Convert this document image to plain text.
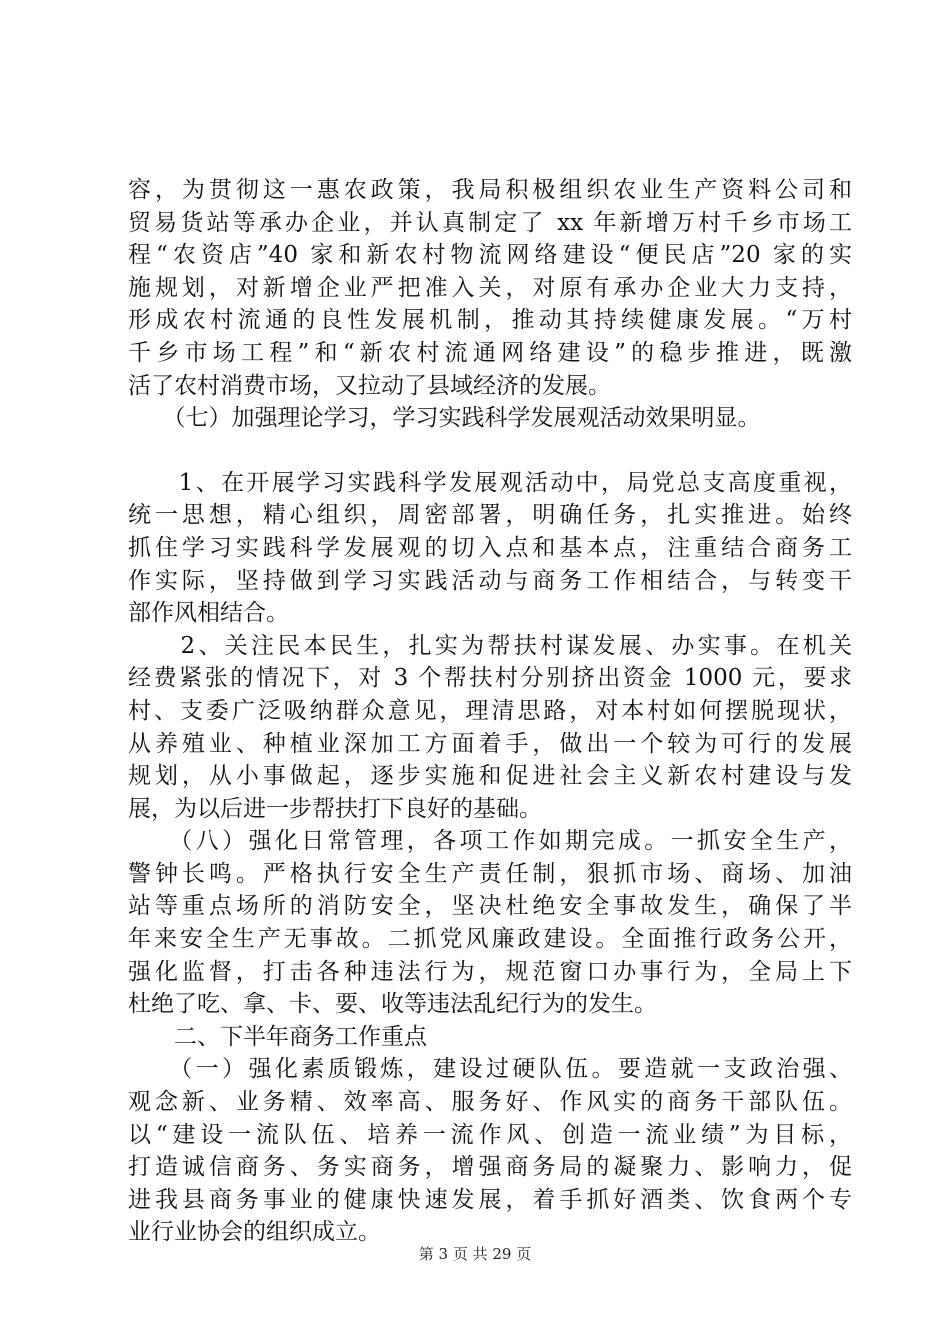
容，为贯彻这一惠农政策，我局积极组织农业生产资料公司和
贸易货站等承办企业，并认真制定了 xx 年新增万村千乡市场工
程“农资店”40 家和新农村物流网络建设“便民店”20 家的实
施规划，对新增企业严把准入关，对原有承办企业大力支持，
形成农村流通的良性发展机制，推动其持续健康发展。“万村
千乡市场工程”和“新农村流通网络建设”的稳步推进，既激
活了农村消费市场，又拉动了县域经济的发展。
　　（七）加强理论学习，学习实践科学发展观活动效果明显。
　　1、在开展学习实践科学发展观活动中，局党总支高度重视，
统一思想，精心组织，周密部署，明确任务，扎实推进。始终
抓住学习实践科学发展观的切入点和基本点，注重结合商务工
作实际，坚持做到学习实践活动与商务工作相结合，与转变干
部作风相结合。
　　2、关注民本民生，扎实为帮扶村谋发展、办实事。在机关
经费紧张的情况下，对 3 个帮扶村分别挤出资金 1000 元，要求
村、支委广泛吸纳群众意见，理清思路，对本村如何摆脱现状，
从养殖业、种植业深加工方面着手，做出一个较为可行的发展
规划，从小事做起，逐步实施和促进社会主义新农村建设与发
展，为以后进一步帮扶打下良好的基础。
　　（八）强化日常管理，各项工作如期完成。一抓安全生产，
警钟长鸣。严格执行安全生产责任制，狠抓市场、商场、加油
站等重点场所的消防安全，坚决杜绝安全事故发生，确保了半
年来安全生产无事故。二抓党风廉政建设。全面推行政务公开，
强化监督，打击各种违法行为，规范窗口办事行为，全局上下
杜绝了吃、拿、卡、要、收等违法乱纪行为的发生。
　　二、下半年商务工作重点
　　（一）强化素质锻炼，建设过硬队伍。要造就一支政治强、
观念新、业务精、效率高、服务好、作风实的商务干部队伍。
以“建设一流队伍、培养一流作风、创造一流业绩”为目标，
打造诚信商务、务实商务，增强商务局的凝聚力、影响力，促
进我县商务事业的健康快速发展，着手抓好酒类、饮食两个专
业行业协会的组织成立。
第 3 页 共 29 页
